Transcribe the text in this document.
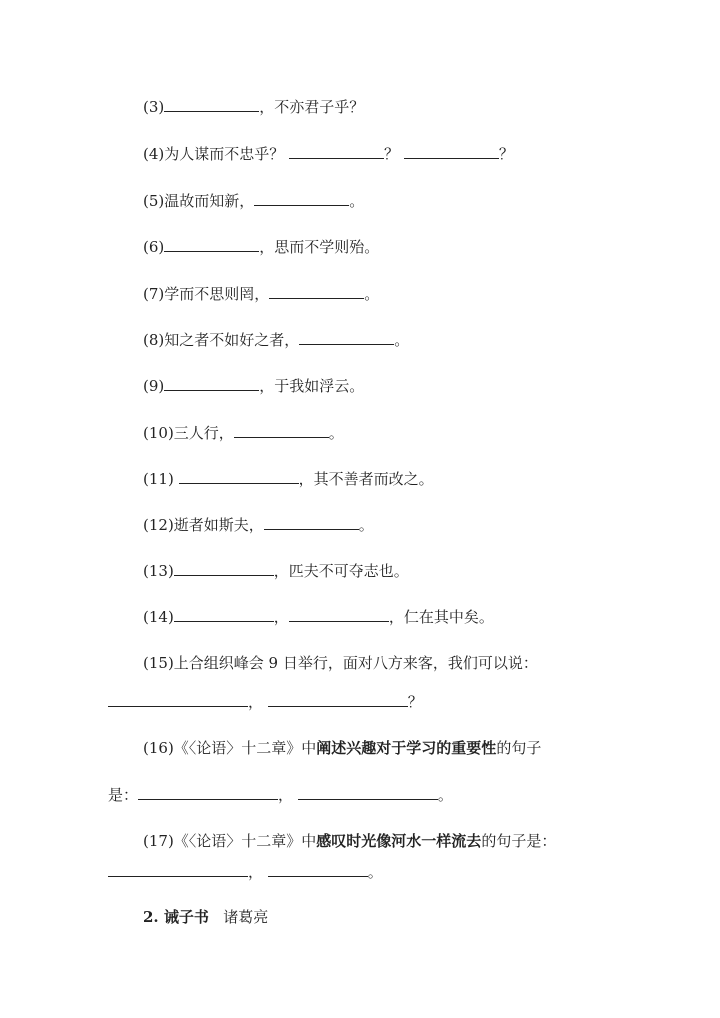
(3)	，不亦君子乎？
(4)为人谋而不忠乎？	？	？
(5)温故而知新，	。
(6)	，思而不学则殆。
(7)学而不思则罔，	。
(8)知之者不如好之者，	。
(9)	，于我如浮云。
(10)三人行，	。
(11)	，其不善者而改之。
(12)逝者如斯夫，	。
(13)	，匹夫不可夺志也。
(14)	，	，仁在其中矣。
(15)上合组织峰会 9 日举行，面对八方来客，我们可以说：
，	？
(16)《〈论语〉十二章》中阐述兴趣对于学习的重要性的句子
是：	，	。
(17)《〈论语〉十二章》中感叹时光像河水一样流去的句子是：
，	。
2. 诫子书 诸葛亮
